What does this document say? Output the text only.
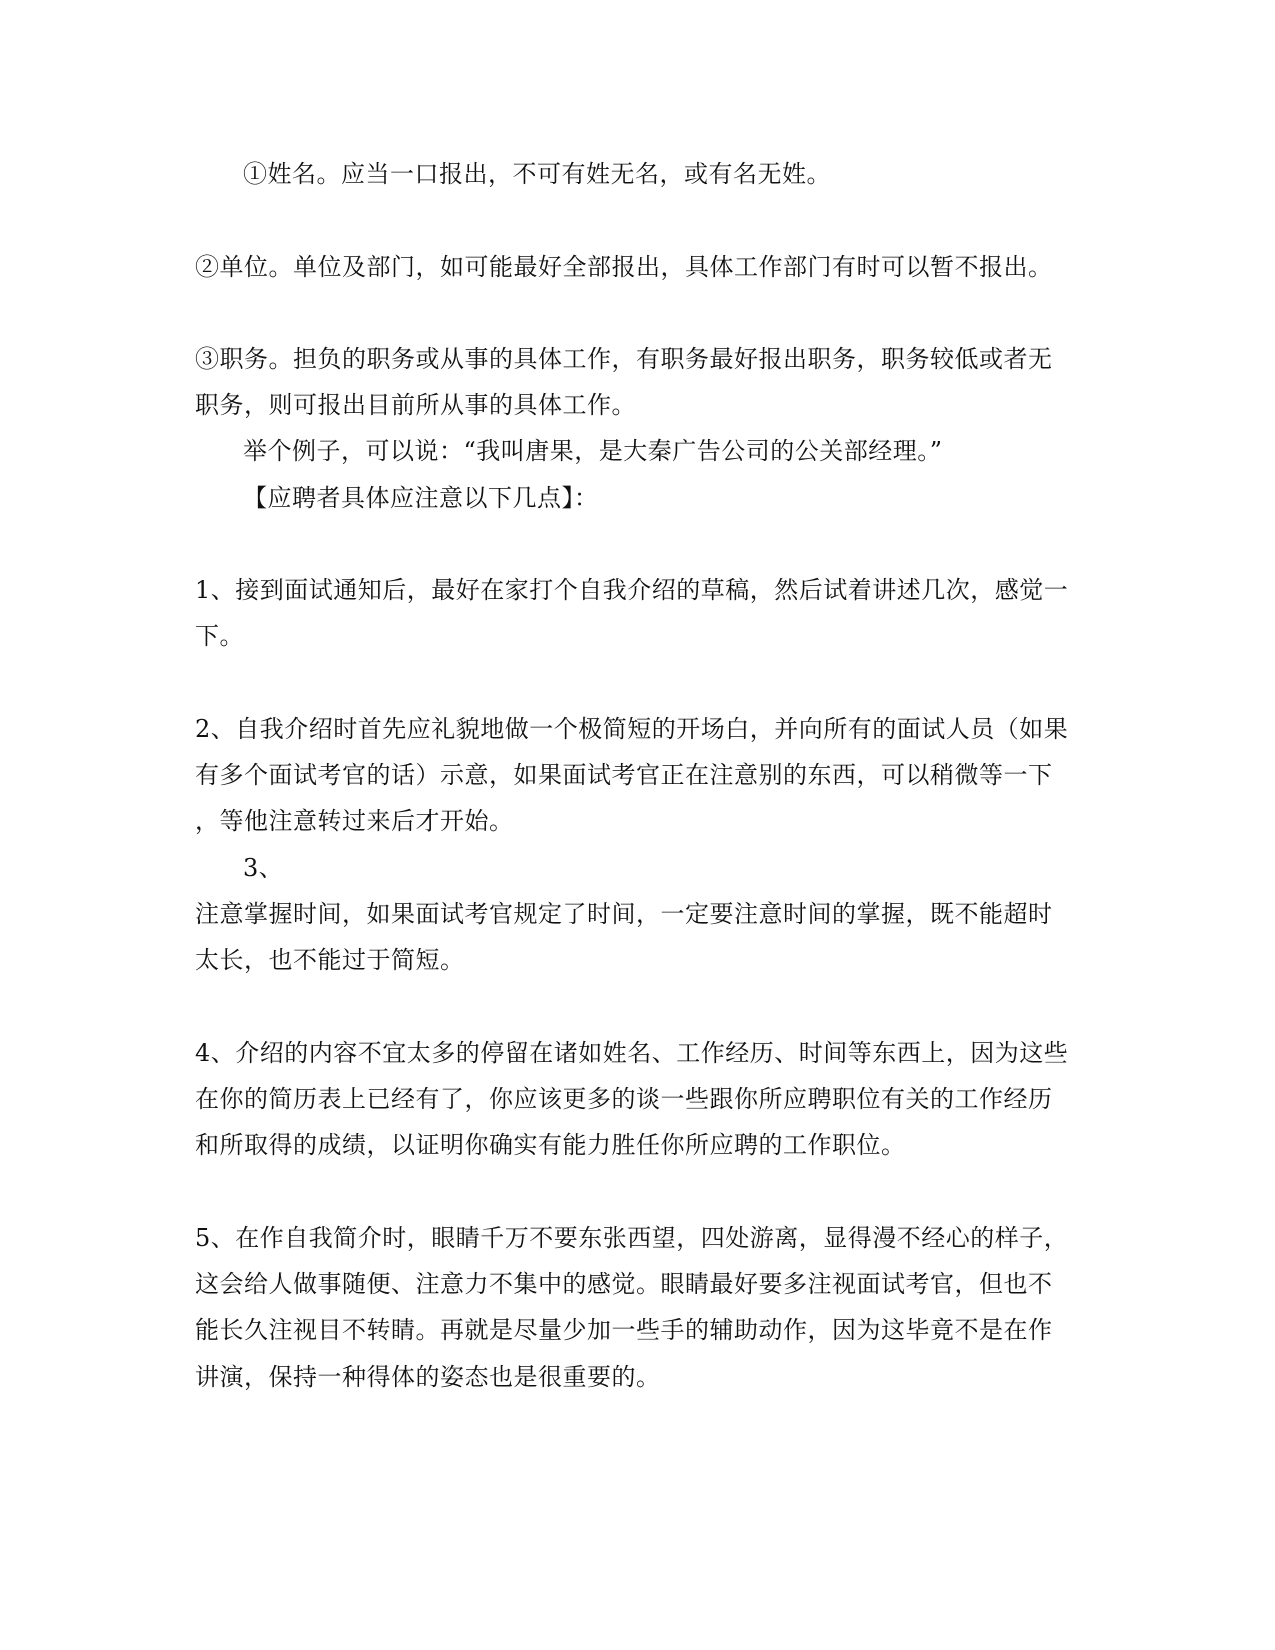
①姓名。应当一口报出，不可有姓无名，或有名无姓。
②单位。单位及部门，如可能最好全部报出，具体工作部门有时可以暂不报出。
③职务。担负的职务或从事的具体工作，有职务最好报出职务，职务较低或者无
职务，则可报出目前所从事的具体工作。
举个例子，可以说：“我叫唐果，是大秦广告公司的公关部经理。”
【应聘者具体应注意以下几点】：
1、接到面试通知后，最好在家打个自我介绍的草稿，然后试着讲述几次，感觉一
下。
2、自我介绍时首先应礼貌地做一个极简短的开场白，并向所有的面试人员（如果
有多个面试考官的话）示意，如果面试考官正在注意别的东西，可以稍微等一下
，等他注意转过来后才开始。
3、
注意掌握时间，如果面试考官规定了时间，一定要注意时间的掌握，既不能超时
太长，也不能过于简短。
4、介绍的内容不宜太多的停留在诸如姓名、工作经历、时间等东西上，因为这些
在你的简历表上已经有了，你应该更多的谈一些跟你所应聘职位有关的工作经历
和所取得的成绩，以证明你确实有能力胜任你所应聘的工作职位。
5、在作自我简介时，眼睛千万不要东张西望，四处游离，显得漫不经心的样子，
这会给人做事随便、注意力不集中的感觉。眼睛最好要多注视面试考官，但也不
能长久注视目不转睛。再就是尽量少加一些手的辅助动作，因为这毕竟不是在作
讲演，保持一种得体的姿态也是很重要的。
